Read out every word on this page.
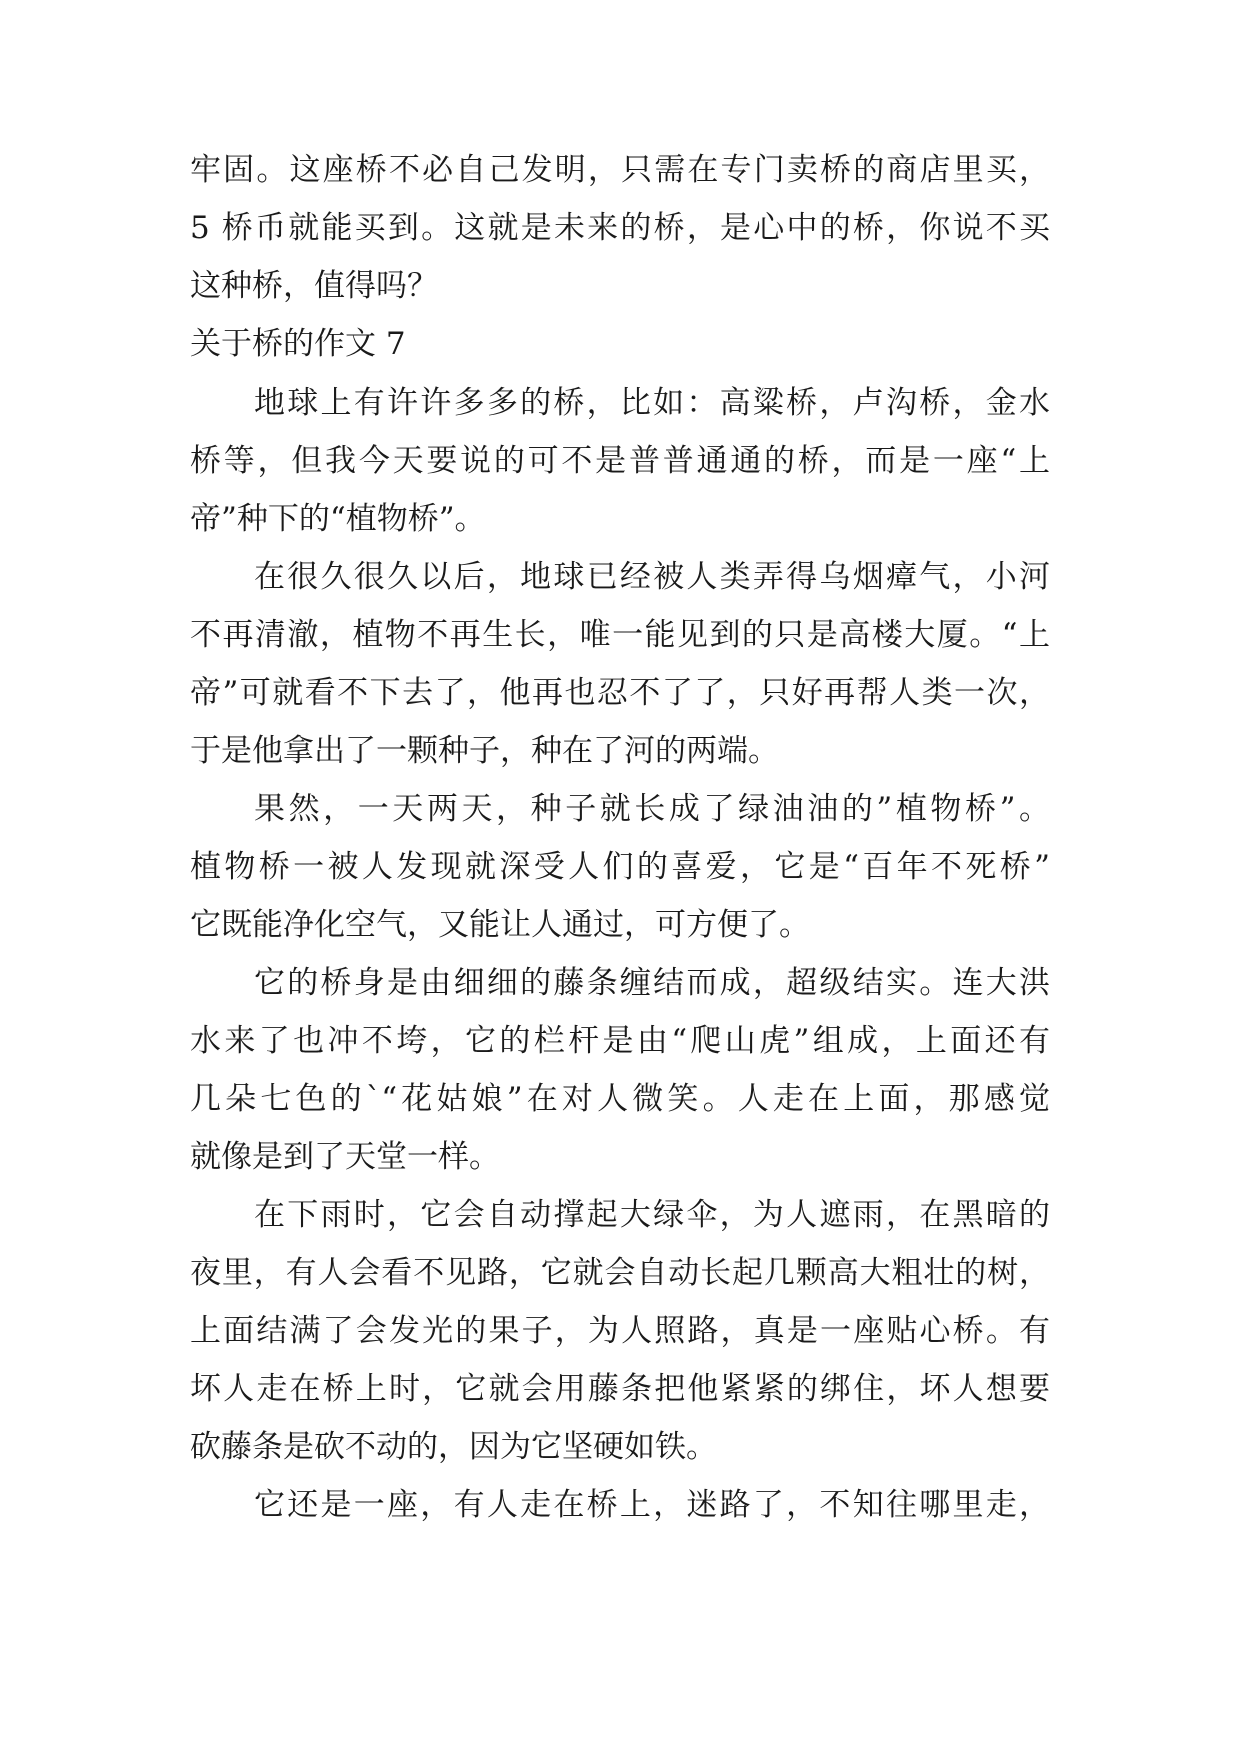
牢固。这座桥不必自己发明，只需在专门卖桥的商店里买，
5 桥币就能买到。这就是未来的桥，是心中的桥，你说不买
这种桥，值得吗？
关于桥的作文 7
地球上有许许多多的桥，比如：高粱桥，卢沟桥，金水
桥等，但我今天要说的可不是普普通通的桥，而是一座“上
帝”种下的“植物桥”。
在很久很久以后，地球已经被人类弄得乌烟瘴气，小河
不再清澈，植物不再生长，唯一能见到的只是高楼大厦。“上
帝”可就看不下去了，他再也忍不了了，只好再帮人类一次，
于是他拿出了一颗种子，种在了河的两端。
果然，一天两天，种子就长成了绿油油的”植物桥”。
植物桥一被人发现就深受人们的喜爱，它是“百年不死桥”
它既能净化空气，又能让人通过，可方便了。
它的桥身是由细细的藤条缠结而成，超级结实。连大洪
水来了也冲不垮，它的栏杆是由“爬山虎”组成，上面还有
几朵七色的`“花姑娘”在对人微笑。人走在上面，那感觉
就像是到了天堂一样。
在下雨时，它会自动撑起大绿伞，为人遮雨，在黑暗的
夜里，有人会看不见路，它就会自动长起几颗高大粗壮的树，
上面结满了会发光的果子，为人照路，真是一座贴心桥。有
坏人走在桥上时，它就会用藤条把他紧紧的绑住，坏人想要
砍藤条是砍不动的，因为它坚硬如铁。
它还是一座，有人走在桥上，迷路了，不知往哪里走，
